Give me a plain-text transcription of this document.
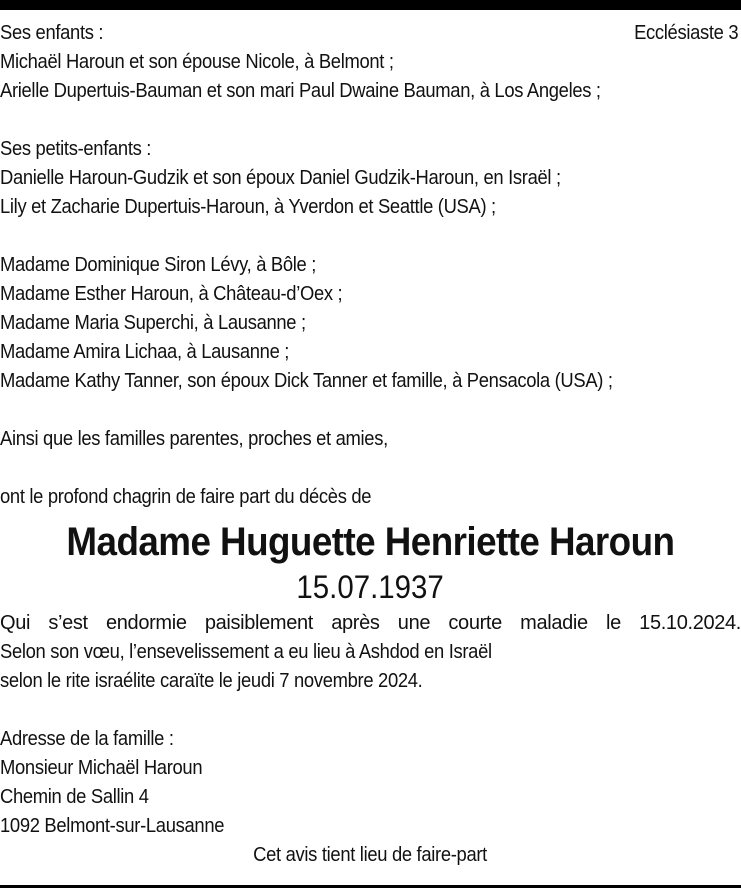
Ses enfants :	Ecclésiaste 3
Michaël Haroun et son épouse Nicole, à Belmont ;
Arielle Dupertuis-Bauman et son mari Paul Dwaine Bauman, à Los Angeles ;
Ses petits-enfants :
Danielle Haroun-Gudzik et son époux Daniel Gudzik-Haroun, en Israël ;
Lily et Zacharie Dupertuis-Haroun, à Yverdon et Seattle (USA) ;
Madame Dominique Siron Lévy, à Bôle ;
Madame Esther Haroun, à Château-d’Oex ;
Madame Maria Superchi, à Lausanne ;
Madame Amira Lichaa, à Lausanne ;
Madame Kathy Tanner, son époux Dick Tanner et famille, à Pensacola (USA) ;
Ainsi que les familles parentes, proches et amies,
ont le profond chagrin de faire part du décès de
Madame Huguette Henriette Haroun
15.07.1937
Qui s’est endormie paisiblement après une courte maladie le 15.10.2024.
Selon son vœu, l’ensevelissement a eu lieu à Ashdod en Israël
selon le rite israélite caraïte le jeudi 7 novembre 2024.
Adresse de la famille :
Monsieur Michaël Haroun
Chemin de Sallin 4
1092 Belmont-sur-Lausanne
Cet avis tient lieu de faire-part
